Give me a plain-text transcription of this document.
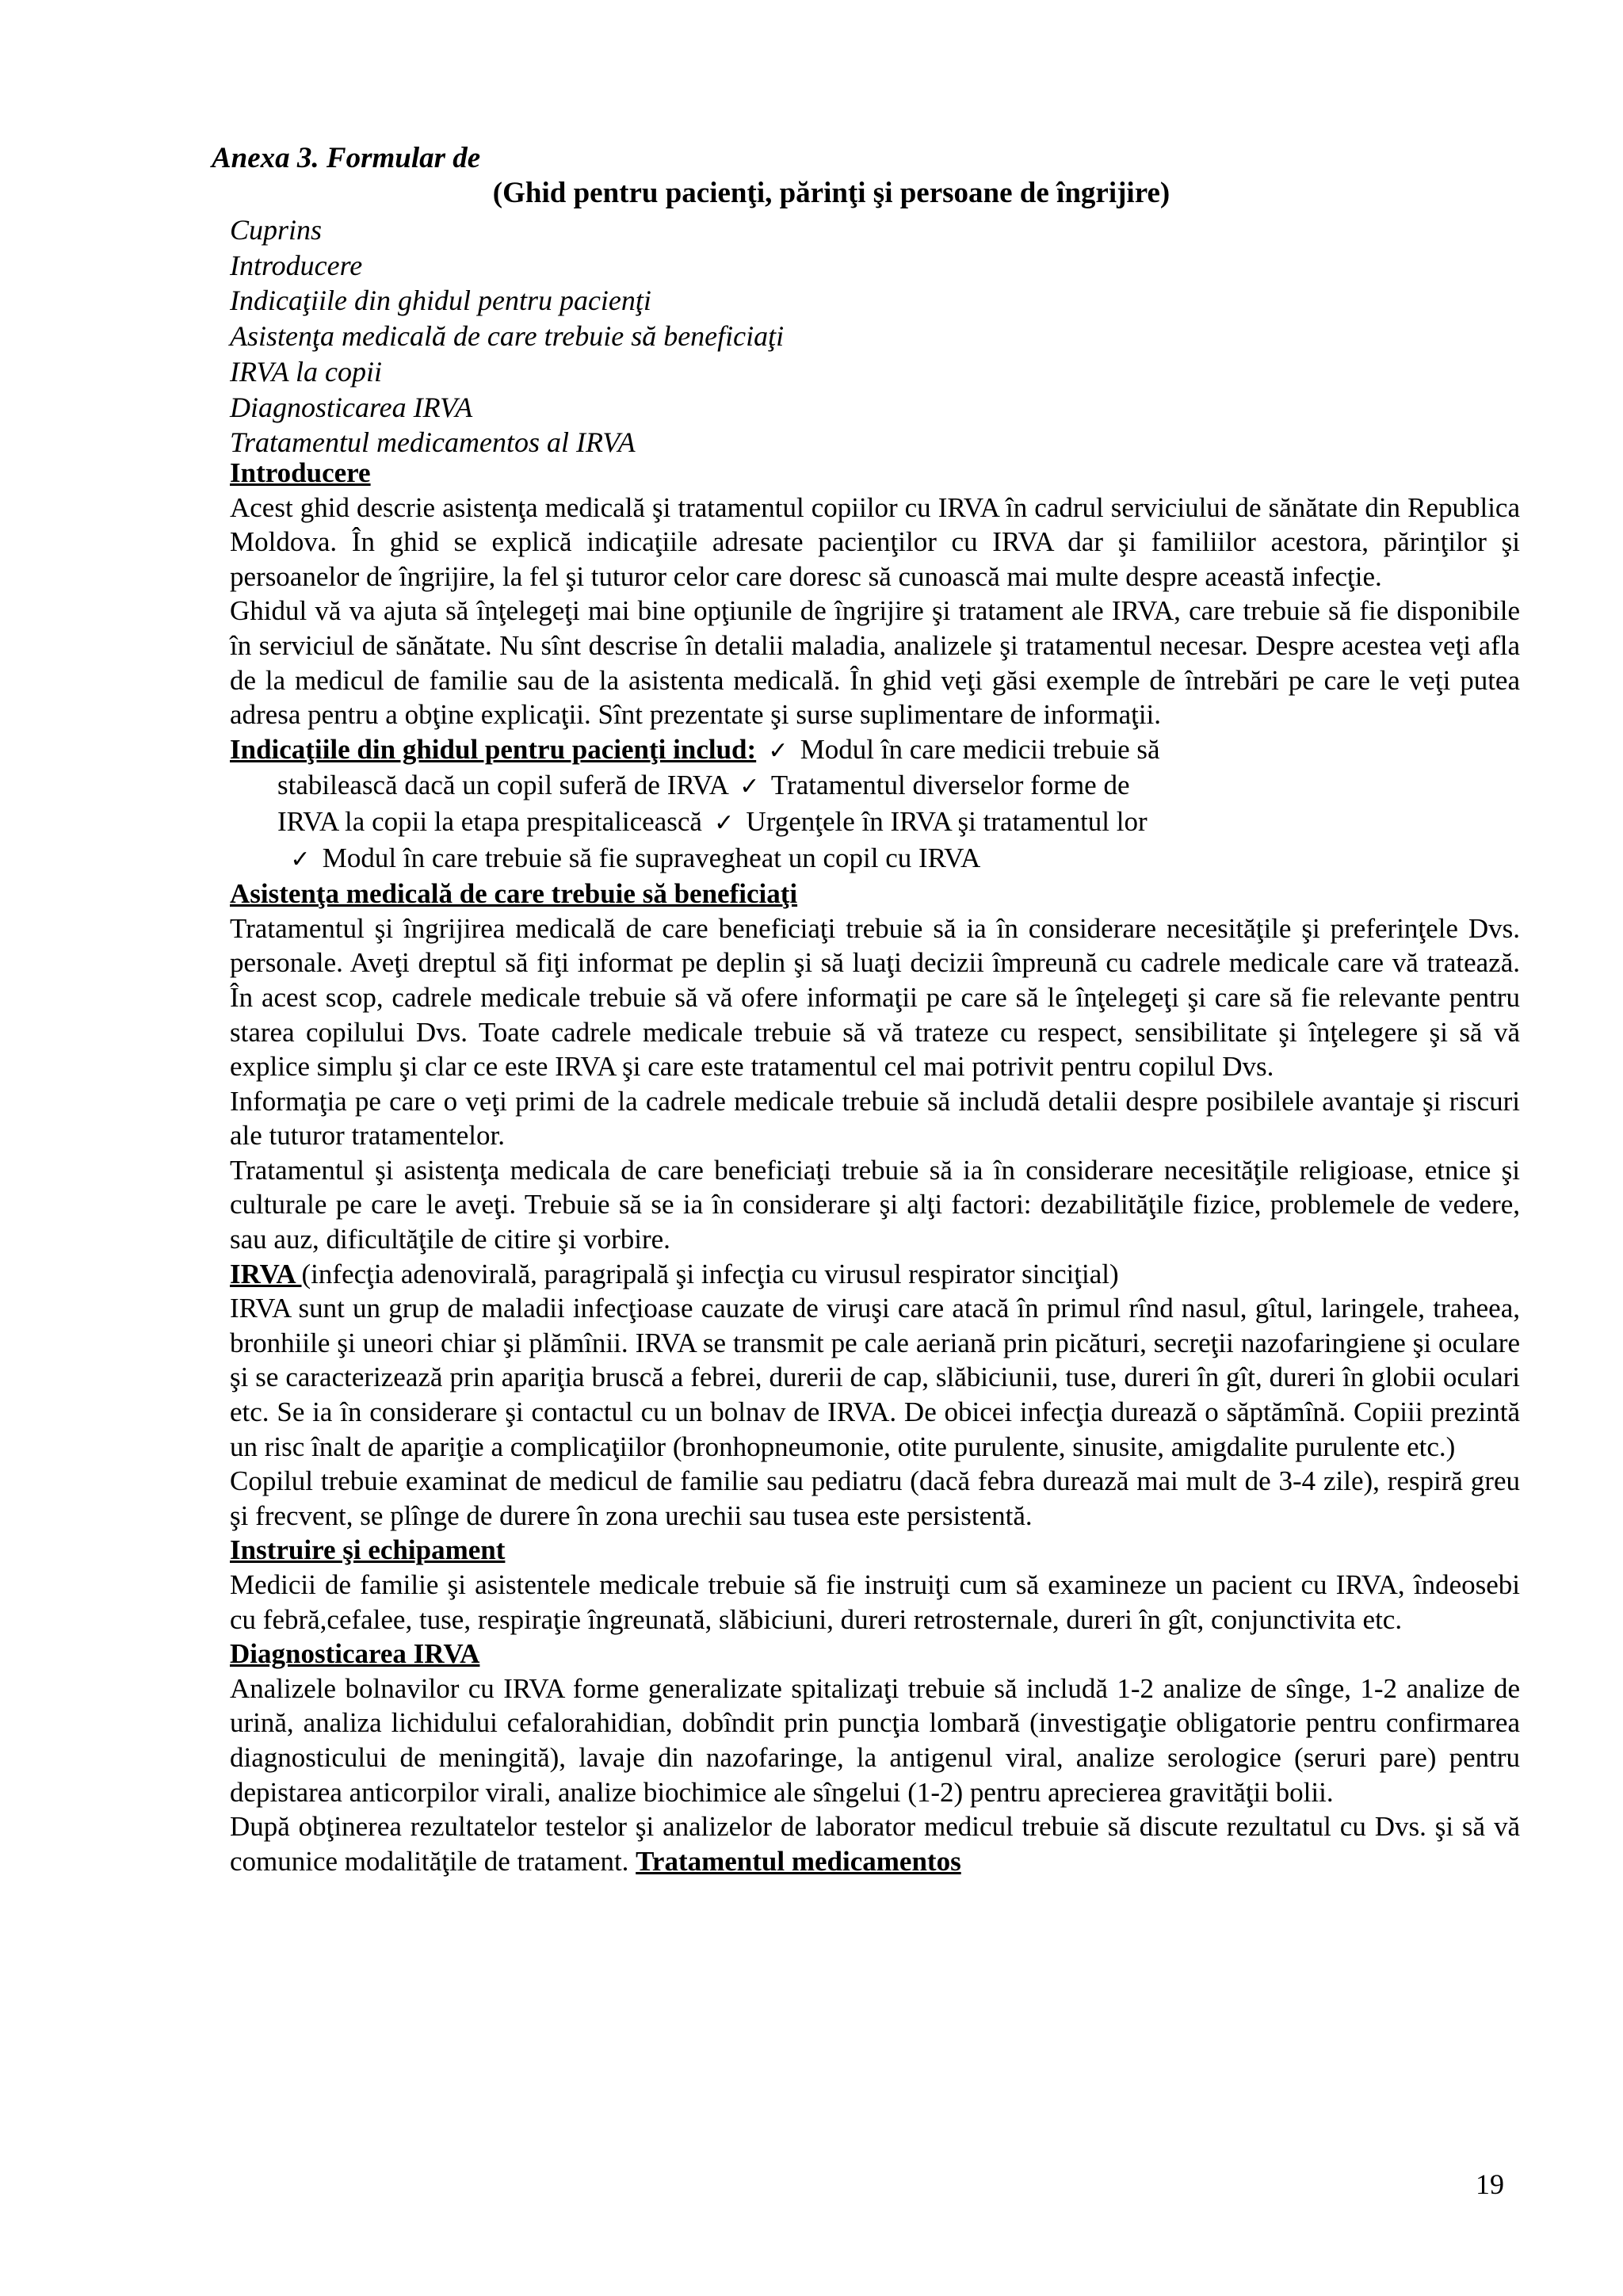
Anexa 3. Formular de

(Ghid pentru pacienţi, părinţi şi persoane de îngrijire)

Cuprins
Introducere
Indicaţiile din ghidul pentru pacienţi
Asistenţa medicală de care trebuie să beneficiaţi
IRVA la copii
Diagnosticarea IRVA
Tratamentul medicamentos al IRVA
Introducere

Acest ghid descrie asistenţa medicală şi tratamentul copiilor cu IRVA în cadrul serviciului de sănătate din Republica Moldova. În ghid se explică indicaţiile adresate pacienţilor cu IRVA dar şi familiilor acestora, părinţilor şi persoanelor de îngrijire, la fel şi tuturor celor care doresc să cunoască mai multe despre această infecţie.

Ghidul vă va ajuta să înţelegeţi mai bine opţiunile de îngrijire şi tratament ale IRVA, care trebuie să fie disponibile în serviciul de sănătate. Nu sînt descrise în detalii maladia, analizele şi tratamentul necesar. Despre acestea veţi afla de la medicul de familie sau de la asistenta medicală. În ghid veţi găsi exemple de întrebări pe care le veţi putea adresa pentru a obţine explicaţii. Sînt prezentate şi surse suplimentare de informaţii.

Indicaţiile din ghidul pentru pacienţi includ: ✓ Modul în care medicii trebuie să

stabilească dacă un copil suferă de IRVA ✓ Tratamentul diverselor forme de

IRVA la copii la etapa prespitalicească ✓ Urgenţele în IRVA şi tratamentul lor

✓ Modul în care trebuie să fie supravegheat un copil cu IRVA

Asistenţa medicală de care trebuie să beneficiaţi

Tratamentul şi îngrijirea medicală de care beneficiaţi trebuie să ia în considerare necesităţile şi preferinţele Dvs. personale. Aveţi dreptul să fiţi informat pe deplin şi să luaţi decizii împreună cu cadrele medicale care vă tratează. În acest scop, cadrele medicale trebuie să vă ofere informaţii pe care să le înţelegeţi şi care să fie relevante pentru starea copilului Dvs. Toate cadrele medicale trebuie să vă trateze cu respect, sensibilitate şi înţelegere şi să vă explice simplu şi clar ce este IRVA şi care este tratamentul cel mai potrivit pentru copilul Dvs.

Informaţia pe care o veţi primi de la cadrele medicale trebuie să includă detalii despre posibilele avantaje şi riscuri ale tuturor tratamentelor.

Tratamentul şi asistenţa medicala de care beneficiaţi trebuie să ia în considerare necesităţile religioase, etnice şi culturale pe care le aveţi. Trebuie să se ia în considerare şi alţi factori: dezabilităţile fizice, problemele de vedere, sau auz, dificultăţile de citire şi vorbire.

IRVA (infecţia adenovirală, paragripală şi infecţia cu virusul respirator sinciţial)

IRVA sunt un grup de maladii infecţioase cauzate de viruşi care atacă în primul rînd nasul, gîtul, laringele, traheea, bronhiile şi uneori chiar şi plămînii. IRVA se transmit pe cale aeriană prin picături, secreţii nazofaringiene şi oculare şi se caracterizează prin apariţia bruscă a febrei, durerii de cap, slăbiciunii, tuse, dureri în gît, dureri în globii oculari etc. Se ia în considerare şi contactul cu un bolnav de IRVA. De obicei infecţia durează o săptămînă. Copiii prezintă un risc înalt de apariţie a complicaţiilor (bronhopneumonie, otite purulente, sinusite, amigdalite purulente etc.)

Copilul trebuie examinat de medicul de familie sau pediatru (dacă febra durează mai mult de 3-4 zile), respiră greu şi frecvent, se plînge de durere în zona urechii sau tusea este persistentă.

Instruire şi echipament

Medicii de familie şi asistentele medicale trebuie să fie instruiţi cum să examineze un pacient cu IRVA, îndeosebi cu febră,cefalee, tuse, respiraţie îngreunată, slăbiciuni, dureri retrosternale, dureri în gît, conjunctivita etc.

Diagnosticarea IRVA

Analizele bolnavilor cu IRVA forme generalizate spitalizaţi trebuie să includă 1-2 analize de sînge, 1-2 analize de urină, analiza lichidului cefalorahidian, dobîndit prin puncţia lombară (investigaţie obligatorie pentru confirmarea diagnosticului de meningită), lavaje din nazofaringe, la antigenul viral, analize serologice (seruri pare) pentru depistarea anticorpilor virali, analize biochimice ale sîngelui (1-2) pentru aprecierea gravităţii bolii.

După obţinerea rezultatelor testelor şi analizelor de laborator medicul trebuie să discute rezultatul cu Dvs. şi să vă comunice modalităţile de tratament. Tratamentul medicamentos

19
